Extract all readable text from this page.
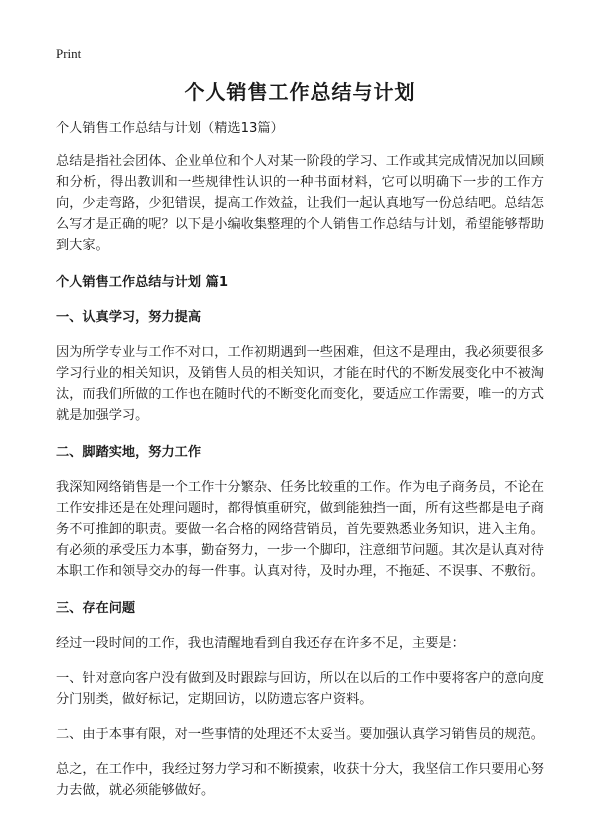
Print
个人销售工作总结与计划

个人销售工作总结与计划（精选13篇）

总结是指社会团体、企业单位和个人对某一阶段的学习、工作或其完成情况加以回顾和分析，得出教训和一些规律性认识的一种书面材料，它可以明确下一步的工作方向，少走弯路，少犯错误，提高工作效益，让我们一起认真地写一份总结吧。总结怎么写才是正确的呢？以下是小编收集整理的个人销售工作总结与计划，希望能够帮助到大家。

个人销售工作总结与计划 篇1
一、认真学习，努力提高

因为所学专业与工作不对口，工作初期遇到一些困难，但这不是理由，我必须要很多学习行业的相关知识，及销售人员的相关知识，才能在时代的不断发展变化中不被淘汰，而我们所做的工作也在随时代的不断变化而变化，要适应工作需要，唯一的方式就是加强学习。

二、脚踏实地，努力工作

我深知网络销售是一个工作十分繁杂、任务比较重的工作。作为电子商务员，不论在工作安排还是在处理问题时，都得慎重研究，做到能独挡一面，所有这些都是电子商务不可推卸的职责。要做一名合格的网络营销员，首先要熟悉业务知识，进入主角。有必须的承受压力本事，勤奋努力，一步一个脚印，注意细节问题。其次是认真对待本职工作和领导交办的每一件事。认真对待，及时办理，不拖延、不误事、不敷衍。

三、存在问题

经过一段时间的工作，我也清醒地看到自我还存在许多不足，主要是：

一、针对意向客户没有做到及时跟踪与回访，所以在以后的工作中要将客户的意向度分门别类，做好标记，定期回访，以防遗忘客户资料。

二、由于本事有限，对一些事情的处理还不太妥当。要加强认真学习销售员的规范。

总之，在工作中，我经过努力学习和不断摸索，收获十分大，我坚信工作只要用心努力去做，就必须能够做好。
